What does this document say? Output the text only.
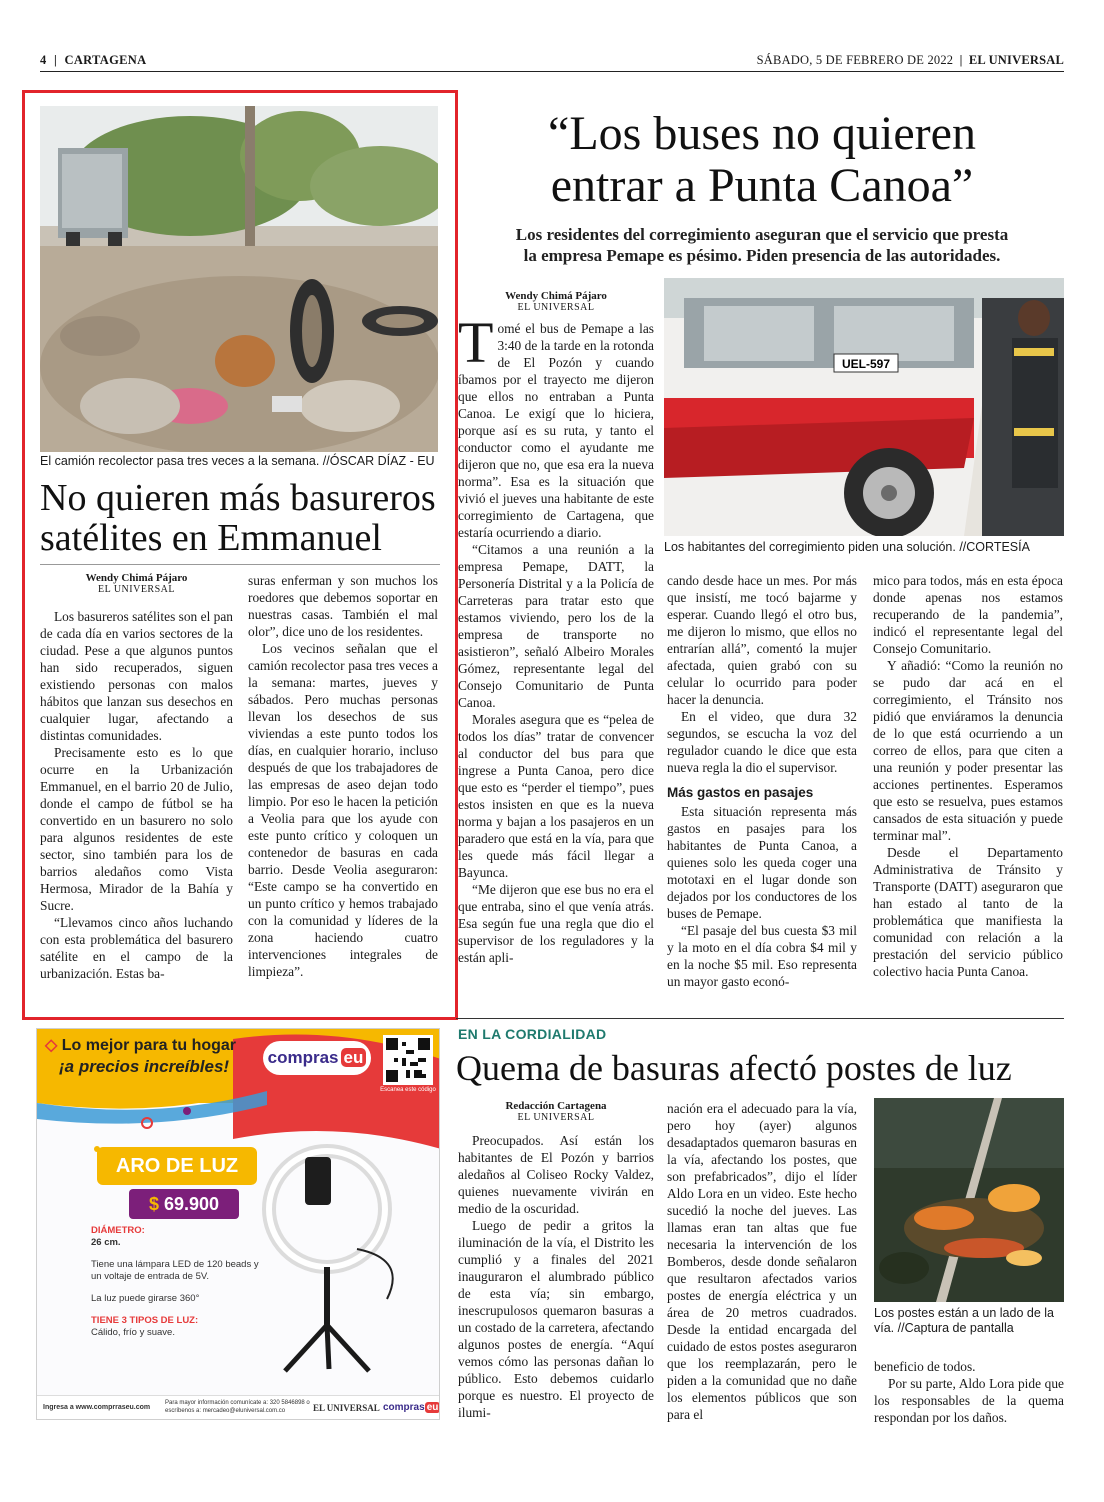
4 | CARTAGENA	SÁBADO, 5 DE FEBRERO DE 2022 | EL UNIVERSAL
El camión recolector pasa tres veces a la semana. //ÓSCAR DÍAZ - EU
No quieren más basureros
satélites en Emmanuel
Wendy Chimá Pájaro
EL UNIVERSAL

Los basureros satélites son el pan de cada día en varios sectores de la ciudad. Pese a que algunos puntos han sido recuperados, siguen existiendo personas con malos hábitos que lanzan sus desechos en cualquier lugar, afectando a distintas comunidades.

Precisamente esto es lo que ocurre en la Urbanización Emmanuel, en el barrio 20 de Julio, donde el campo de fútbol se ha convertido en un basurero no solo para algunos residentes de este sector, sino también para los de barrios aledaños como Vista Hermosa, Mirador de la Bahía y Sucre.

“Llevamos cinco años luchando con esta problemática del basurero satélite en el campo de la urbanización. Estas ba-

suras enferman y son muchos los roedores que debemos soportar en nuestras casas. También el mal olor”, dice uno de los residentes.

Los vecinos señalan que el camión recolector pasa tres veces a la semana: martes, jueves y sábados. Pero muchas personas llevan los desechos de sus viviendas a este punto todos los días, en cualquier horario, incluso después de que los trabajadores de las empresas de aseo dejan todo limpio. Por eso le hacen la petición a Veolia para que los ayude con este punto crítico y coloquen un contenedor de basuras en cada barrio. Desde Veolia aseguraron: “Este campo se ha convertido en un punto crítico y hemos trabajado con la comunidad y líderes de la zona haciendo cuatro intervenciones integrales de limpieza”.

“Los buses no quieren
entrar a Punta Canoa”
Los residentes del corregimiento aseguran que el servicio que presta
la empresa Pemape es pésimo. Piden presencia de las autoridades.
UEL-597
Los habitantes del corregimiento piden una solución. //CORTESÍA
Wendy Chimá Pájaro
EL UNIVERSAL

Tomé el bus de Pemape a las 3:40 de la tarde en la rotonda de El Pozón y cuando íbamos por el trayecto me dijeron que ellos no entraban a Punta Canoa. Le exigí que lo hiciera, porque así es su ruta, y tanto el conductor como el ayudante me dijeron que no, que esa era la nueva norma”. Esa es la situación que vivió el jueves una habitante de este corregimiento de Cartagena, que estaría ocurriendo a diario.

“Citamos a una reunión a la empresa Pemape, DATT, la Personería Distrital y a la Policía de Carreteras para tratar esto que estamos viviendo, pero los de la empresa de transporte no asistieron”, señaló Albeiro Morales Gómez, representante legal del Consejo Comunitario de Punta Canoa.

Morales asegura que es “pelea de todos los días” tratar de convencer al conductor del bus para que ingrese a Punta Canoa, pero dice que esto es “perder el tiempo”, pues estos insisten en que es la nueva norma y bajan a los pasajeros en un paradero que está en la vía, para que les quede más fácil llegar a Bayunca.

“Me dijeron que ese bus no era el que entraba, sino el que venía atrás. Esa según fue una regla que dio el supervisor de los reguladores y la están apli-

cando desde hace un mes. Por más que insistí, me tocó bajarme y esperar. Cuando llegó el otro bus, me dijeron lo mismo, que ellos no entrarían allá”, comentó la mujer afectada, quien grabó con su celular lo ocurrido para poder hacer la denuncia.

En el video, que dura 32 segundos, se escucha la voz del regulador cuando le dice que esta nueva regla la dio el supervisor.

Más gastos en pasajes

Esta situación representa más gastos en pasajes para los habitantes de Punta Canoa, a quienes solo les queda coger una mototaxi en el lugar donde son dejados por los conductores de los buses de Pemape.

“El pasaje del bus cuesta $3 mil y la moto en el día cobra $4 mil y en la noche $5 mil. Eso representa un mayor gasto econó-

mico para todos, más en esta época donde apenas nos estamos recuperando de la pandemia”, indicó el representante legal del Consejo Comunitario.

Y añadió: “Como la reunión no se pudo dar acá en el corregimiento, el Tránsito nos pidió que enviáramos la denuncia de lo que está ocurriendo a un correo de ellos, para que citen a una reunión y poder presentar las acciones pertinentes. Esperamos que esto se resuelva, pues estamos cansados de esta situación y puede terminar mal”.

Desde el Departamento Administrativa de Tránsito y Transporte (DATT) aseguraron que han estado al tanto de la problemática que manifiesta la comunidad con relación a la prestación del servicio público colectivo hacia Punta Canoa.

EN LA CORDIALIDAD
Quema de basuras afectó postes de luz
Redacción Cartagena
EL UNIVERSAL

Preocupados. Así están los habitantes de El Pozón y barrios aledaños al Coliseo Rocky Valdez, quienes nuevamente vivirán en medio de la oscuridad.

Luego de pedir a gritos la iluminación de la vía, el Distrito les cumplió y a finales del 2021 inauguraron el alumbrado público de esta vía; sin embargo, inescrupulosos quemaron basuras a un costado de la carretera, afectando algunos postes de energía. “Aquí vemos cómo las personas dañan lo público. Esto debemos cuidarlo porque es nuestro. El proyecto de ilumi-

nación era el adecuado para la vía, pero hoy (ayer) algunos desadaptados quemaron basuras en la vía, afectando los postes, que son prefabricados”, dijo el líder Aldo Lora en un video. Este hecho sucedió la noche del jueves. Las llamas eran tan altas que fue necesaria la intervención de los Bomberos, desde donde señalaron que resultaron afectados varios postes de energía eléctrica y un área de 20 metros cuadrados. Desde la entidad encargada del cuidado de estos postes aseguraron que los reemplazarán, pero le piden a la comunidad que no dañe los elementos públicos que son para el

Los postes están a un lado de la vía. //Captura de pantalla

beneficio de todos.

Por su parte, Aldo Lora pide que los responsables de la quema respondan por los daños.

◇ Lo mejor para tu hogar
¡a precios increíbles! compras eu
Escanea este código
ARO DE LUZ
$ 69.900
DIÁMETRO:
26 cm.
Tiene una lámpara LED de 120 beads y un voltaje de entrada de 5V.
La luz puede girarse 360°
TIENE 3 TIPOS DE LUZ:
Cálido, frío y suave.
Ingresa a www.comprraseu.com
Para mayor información comunícate a: 320 5846898 o escríbenos a: mercadeo@eluniversal.com.co	EL UNIVERSAL compras eu
